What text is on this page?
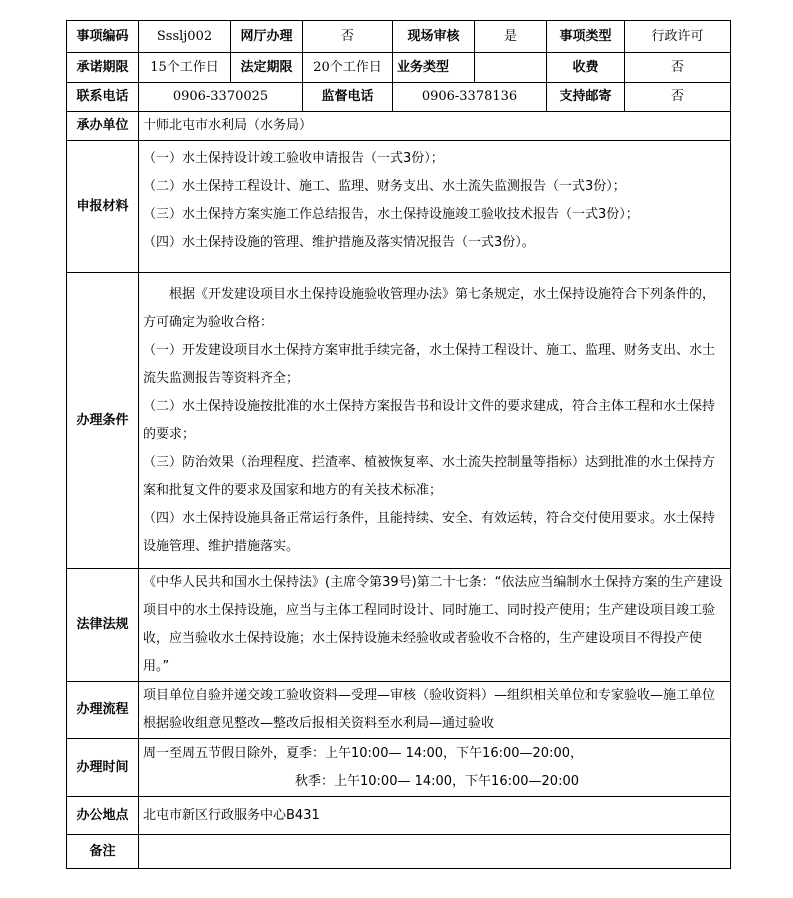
事项编码	Ssslj002	网厅办理	否	现场审核	是	事项类型	行政许可
承诺期限	15个工作日	法定期限	20个工作日	业务类型		收费	否
联系电话	0906-3370025		监督电话	0906-3378136		支持邮寄	否
承办单位	十师北屯市水利局（水务局）						
申报材料	（一）水土保持设计竣工验收申请报告（一式3份）；

（二）水土保持工程设计、施工、监理、财务支出、水土流失监测报告（一式3份）；

（三）水土保持方案实施工作总结报告，水土保持设施竣工验收技术报告（一式3份）；

（四）水土保持设施的管理、维护措施及落实情况报告（一式3份）。						

办理条件	根据《开发建设项目水土保持设施验收管理办法》第七条规定，水土保持设施符合下列条件的，方可确定为验收合格：

（一）开发建设项目水土保持方案审批手续完备，水土保持工程设计、施工、监理、财务支出、水土流失监测报告等资料齐全；

（二）水土保持设施按批准的水土保持方案报告书和设计文件的要求建成，符合主体工程和水土保持的要求；

（三）防治效果（治理程度、拦渣率、植被恢复率、水土流失控制量等指标）达到批准的水土保持方案和批复文件的要求及国家和地方的有关技术标准；

（四）水土保持设施具备正常运行条件，且能持续、安全、有效运转，符合交付使用要求。水土保持设施管理、维护措施落实。						

法律法规	《中华人民共和国水土保持法》(主席令第39号)第二十七条：“依法应当编制水土保持方案的生产建设项目中的水土保持设施，应当与主体工程同时设计、同时施工、同时投产使用；生产建设项目竣工验收，应当验收水土保持设施；水土保持设施未经验收或者验收不合格的，生产建设项目不得投产使用。”						

办理流程	项目单位自验并递交竣工验收资料—受理—审核（验收资料）—组织相关单位和专家验收—施工单位根据验收组意见整改—整改后报相关资料至水利局—通过验收						

办理时间	周一至周五节假日除外，夏季：上午10:00— 14:00，下午16:00—20:00，

秋季：上午10:00— 14:00，下午16:00—20:00						

办公地点	北屯市新区行政服务中心B431						
备注							
